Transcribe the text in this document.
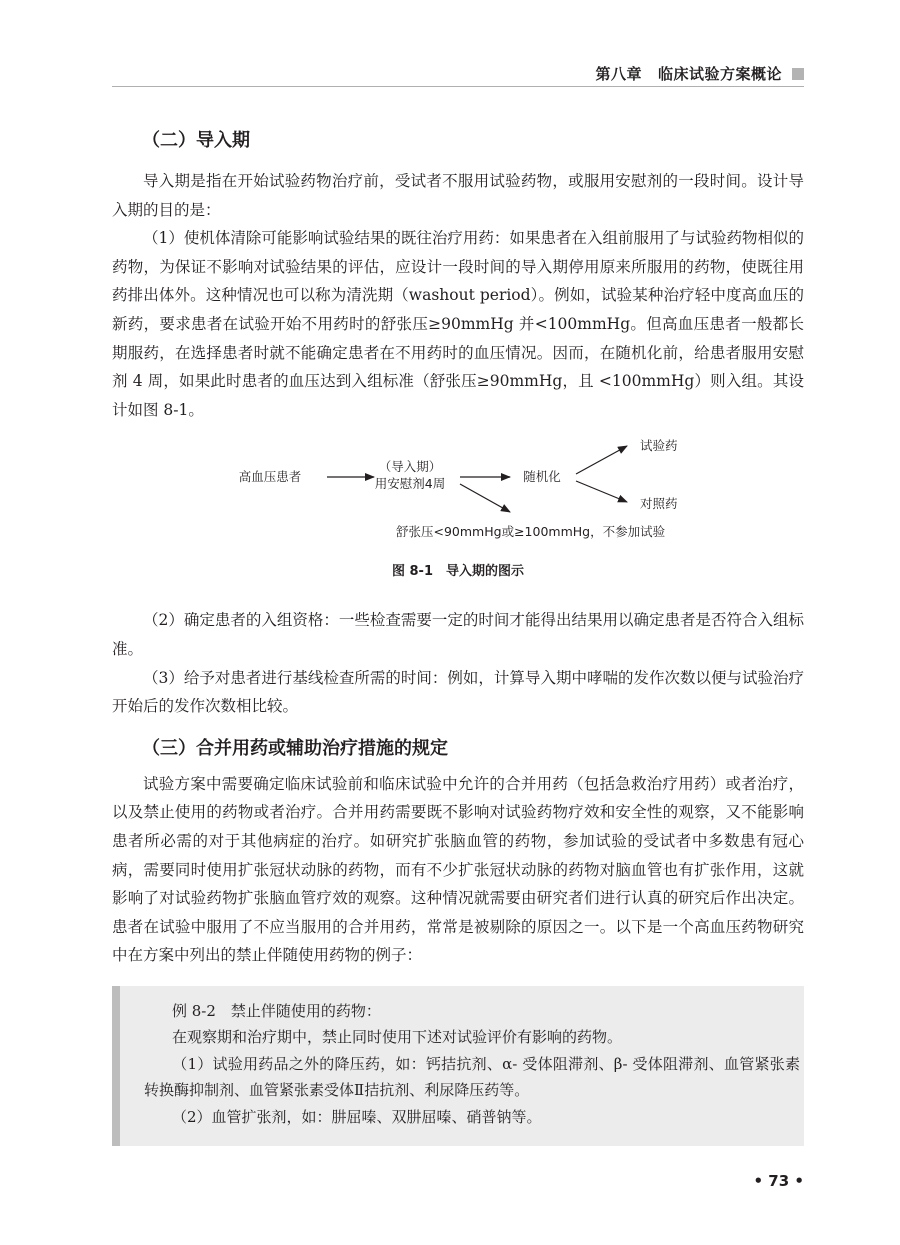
第八章 临床试验方案概论
（二）导入期

导入期是指在开始试验药物治疗前，受试者不服用试验药物，或服用安慰剂的一段时间。设计导入期的目的是：

（1）使机体清除可能影响试验结果的既往治疗用药：如果患者在入组前服用了与试验药物相似的药物，为保证不影响对试验结果的评估，应设计一段时间的导入期停用原来所服用的药物，使既往用药排出体外。这种情况也可以称为清洗期（washout period）。例如，试验某种治疗轻中度高血压的新药，要求患者在试验开始不用药时的舒张压≥90mmHg 并<100mmHg。但高血压患者一般都长期服药，在选择患者时就不能确定患者在不用药时的血压情况。因而，在随机化前，给患者服用安慰剂 4 周，如果此时患者的血压达到入组标准（舒张压≥90mmHg，且 <100mmHg）则入组。其设计如图 8-1。

高血压患者
（导入期）
用安慰剂4周	随机化
试验药
对照药
舒张压<90mmHg或≥100mmHg，不参加试验
图 8-1　导入期的图示

（2）确定患者的入组资格：一些检查需要一定的时间才能得出结果用以确定患者是否符合入组标准。

（3）给予对患者进行基线检查所需的时间：例如，计算导入期中哮喘的发作次数以便与试验治疗开始后的发作次数相比较。

（三）合并用药或辅助治疗措施的规定

试验方案中需要确定临床试验前和临床试验中允许的合并用药（包括急救治疗用药）或者治疗，以及禁止使用的药物或者治疗。合并用药需要既不影响对试验药物疗效和安全性的观察，又不能影响患者所必需的对于其他病症的治疗。如研究扩张脑血管的药物，参加试验的受试者中多数患有冠心病，需要同时使用扩张冠状动脉的药物，而有不少扩张冠状动脉的药物对脑血管也有扩张作用，这就影响了对试验药物扩张脑血管疗效的观察。这种情况就需要由研究者们进行认真的研究后作出决定。患者在试验中服用了不应当服用的合并用药，常常是被剔除的原因之一。以下是一个高血压药物研究中在方案中列出的禁止伴随使用药物的例子：

例 8-2　禁止伴随使用的药物：

在观察期和治疗期中，禁止同时使用下述对试验评价有影响的药物。

（1）试验用药品之外的降压药，如：钙拮抗剂、α- 受体阻滞剂、β- 受体阻滞剂、血管紧张素转换酶抑制剂、血管紧张素受体Ⅱ拮抗剂、利尿降压药等。

（2）血管扩张剂，如：肼屈嗪、双肼屈嗪、硝普钠等。

• 73 •
